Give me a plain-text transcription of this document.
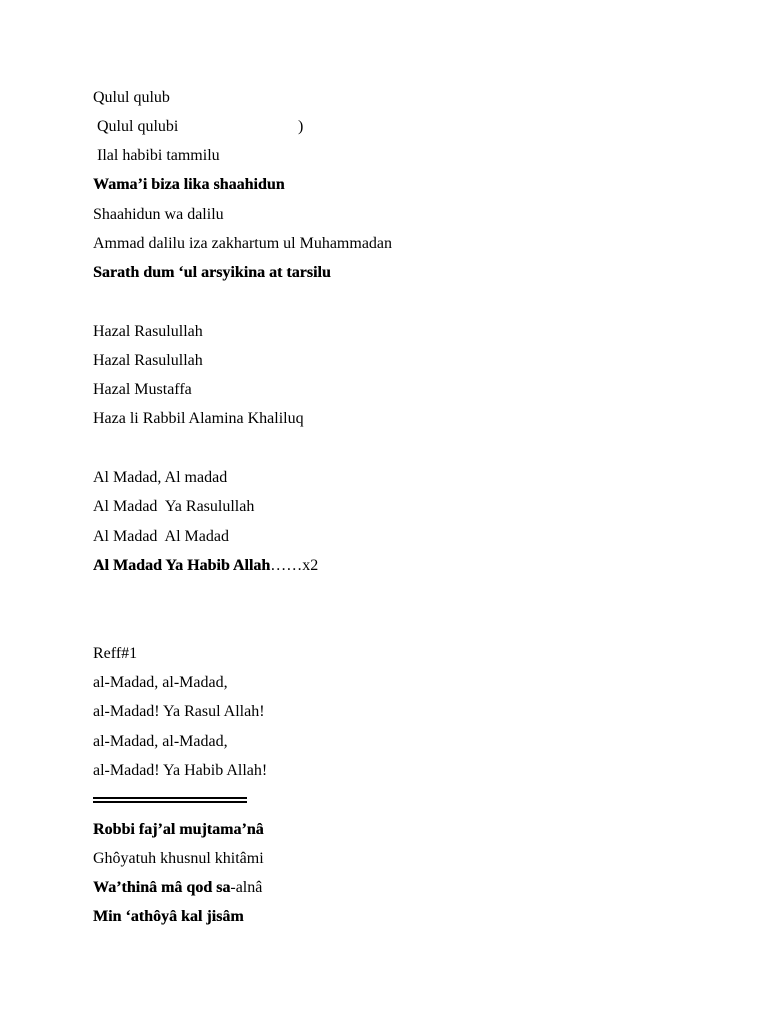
Qulul qulub
Qulul qulubi	)
Ilal habibi tammilu
Wama’i biza lika shaahidun
Shaahidun wa dalilu
Ammad dalilu iza zakhartum ul Muhammadan
Sarath dum ‘ul arsyikina at tarsilu
Hazal Rasulullah
Hazal Rasulullah
Hazal Mustaffa
Haza li Rabbil Alamina Khaliluq
Al Madad, Al madad
Al Madad  Ya Rasulullah
Al Madad  Al Madad
Al Madad Ya Habib Allah……x2
Reff#1
al-Madad, al-Madad,
al-Madad! Ya Rasul Allah!
al-Madad, al-Madad,
al-Madad! Ya Habib Allah!
Robbi faj’al mujtama’nâ
Ghôyatuh khusnul khitâmi
Wa’thinâ mâ qod sa-alnâ
Min ‘athôyâ kal jisâm
